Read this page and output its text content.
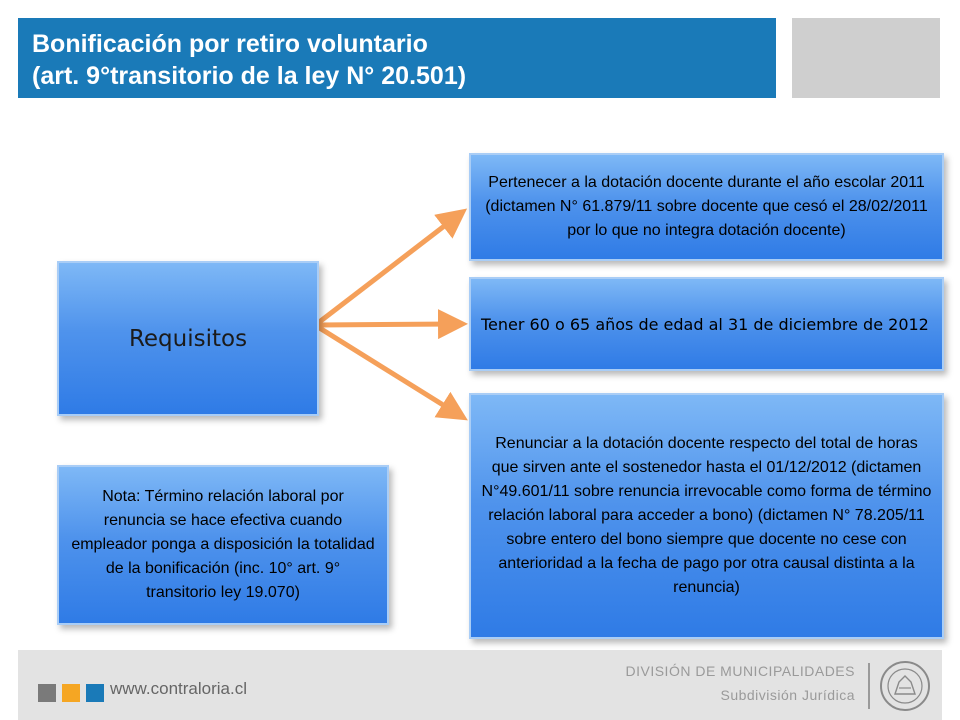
Bonificación por retiro voluntario
(art. 9°transitorio de la ley N° 20.501)
Requisitos
Pertenecer a la dotación docente durante el año escolar 2011 (dictamen N° 61.879/11 sobre docente que cesó el 28/02/2011 por lo que no integra dotación docente)
Tener 60 o 65 años de edad al 31 de diciembre de 2012
Renunciar a la dotación docente respecto del total de horas que sirven ante el sostenedor hasta el 01/12/2012 (dictamen N°49.601/11 sobre renuncia irrevocable como forma de término relación laboral para acceder a bono) (dictamen N° 78.205/11 sobre entero del bono siempre que docente no cese con anterioridad a la fecha de pago por otra causal distinta a la renuncia)
Nota: Término relación laboral por renuncia se hace efectiva cuando empleador ponga a disposición la totalidad de la bonificación (inc. 10° art. 9° transitorio ley 19.070)
www.contraloria.cl
DIVISIÓN DE MUNICIPALIDADES
Subdivisión Jurídica
